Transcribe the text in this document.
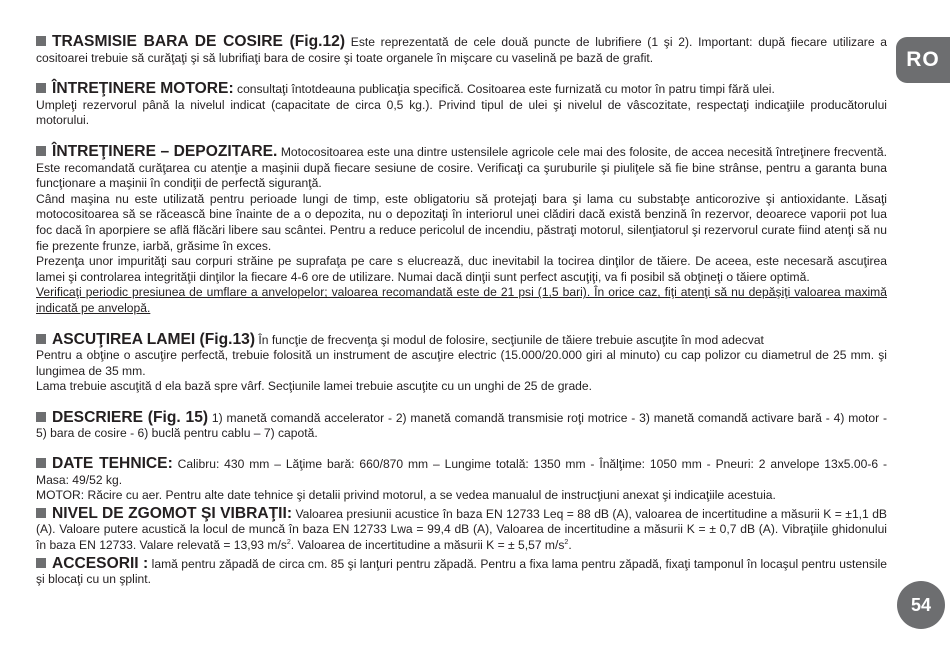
RO

TRASMISIE BARA DE COSIRE (Fig.12) Este reprezentată de cele două puncte de lubrifiere (1 şi 2). Important: după fiecare utilizare a cositoarei trebuie să curăţaţi şi să lubrifiaţi bara de cosire şi toate organele în mişcare cu vaselină pe bază de grafit.

ÎNTREŢINERE MOTORE: consultaţi întotdeauna publicaţia specifică. Cositoarea este furnizată cu motor în patru timpi fără ulei.

Umpleţi rezervorul până la nivelul indicat (capacitate de circa 0,5 kg.). Privind tipul de ulei şi nivelul de vâscozitate, respectaţi indicaţiile producătorului motorului.

ÎNTREŢINERE – DEPOZITARE. Motocositoarea este una dintre ustensilele agricole cele mai des folosite, de accea necesită întreţinere frecventă. Este recomandată curăţarea cu atenţie a maşinii după fiecare sesiune de cosire. Verificaţi ca şuruburile şi piuliţele să fie bine strânse, pentru a garanta buna funcţionare a maşinii în condiţii de perfectă siguranţă.

Când maşina nu este utilizată pentru perioade lungi de timp, este obligatoriu să protejaţi bara şi lama cu substabţe anticorozive şi antioxidante. Lăsaţi motocositoarea să se răcească bine înainte de a o depozita, nu o depozitaţi în interiorul unei clădiri dacă există benzină în rezervor, deoarece vaporii pot lua foc dacă în aporpiere se află flăcări libere sau scântei. Pentru a reduce pericolul de incendiu, păstraţi motorul, silenţiatorul şi rezervorul curate fiind atenţi să nu fie prezente frunze, iarbă, grăsime în exces.

Prezenţa unor impurităţi sau corpuri străine pe suprafaţa pe care s elucrează, duc inevitabil la tocirea dinţilor de tăiere. De aceea, este necesară ascuţirea lamei şi controlarea integrităţii dinţilor la fiecare 4-6 ore de utilizare. Numai dacă dinţii sunt perfect ascuţiţi, va fi posibil să obţineţi o tăiere optimă.

Verificaţi periodic presiunea de umflare a anvelopelor; valoarea recomandată este de 21 psi (1,5 bari). În orice caz, fiţi atenţi să nu depăşiţi valoarea maximă indicată pe anvelopă.

ASCUŢIREA LAMEI (Fig.13) În funcţie de frecvenţa şi modul de folosire, secţiunile de tăiere trebuie ascuţite în mod adecvat

Pentru a obţine o ascuţire perfectă, trebuie folosită un instrument de ascuţire electric (15.000/20.000 giri al minuto) cu cap polizor cu diametrul de 25 mm. şi lungimea de 35 mm.

Lama trebuie ascuţită d ela bază spre vârf. Secţiunile lamei trebuie ascuţite cu un unghi de 25 de grade.

DESCRIERE (Fig. 15) 1) manetă comandă accelerator - 2) manetă comandă transmisie roţi motrice - 3) manetă comandă activare bară - 4) motor - 5) bara de cosire - 6) buclă pentru cablu – 7) capotă.

DATE TEHNICE: Calibru: 430 mm – Lăţime bară: 660/870 mm – Lungime totală: 1350 mm - Înălţime: 1050 mm - Pneuri: 2 anvelope 13x5.00-6 - Masa: 49/52 kg.

MOTOR: Răcire cu aer. Pentru alte date tehnice şi detalii privind motorul, a se vedea manualul de instrucţiuni anexat şi indicaţiile acestuia.

NIVEL DE ZGOMOT ŞI VIBRAŢII: Valoarea presiunii acustice în baza EN 12733 Leq = 88 dB (A), valoarea de incertitudine a măsurii K = ±1,1 dB (A). Valoare putere acustică la locul de muncă în baza EN 12733 Lwa = 99,4 dB (A), Valoarea de incertitudine a măsurii K = ± 0,7 dB (A). Vibraţiile ghidonului în baza EN 12733. Valare relevată = 13,93 $m/s^2$. Valoarea de incertitudine a măsurii K = ± 5,57 $m/s^2$.

ACCESORII : lamă pentru zăpadă de circa cm. 85 şi lanţuri pentru zăpadă. Pentru a fixa lama pentru zăpadă, fixaţi tamponul în locaşul pentru ustensile şi blocaţi cu un şplint.

54
